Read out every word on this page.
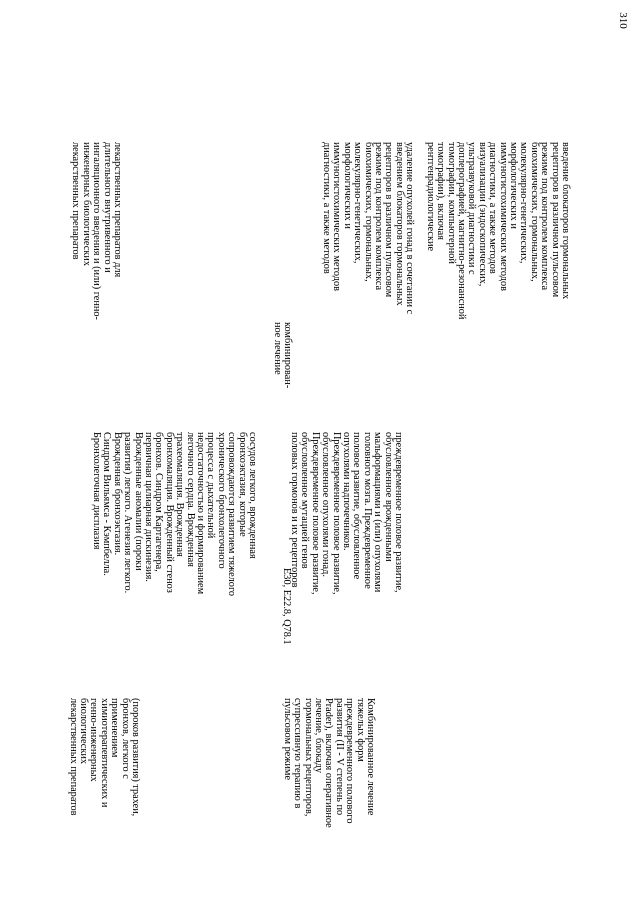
310
(пороков развития) трахеи,
бронхов, легкого с
применением
химиотерапевтических и
генно-инженерных
биологических
лекарственных препаратов
сосудов легкого, врожденная
бронхоэктазия, которые
сопровождаются развитием тяжелого
хронического бронхолегочного
процесса с дыхательной
недостаточностью и формированием
легочного сердца. Врожденная
трахеомаляция. Врожденная
бронхомаляция. Врожденный стеноз
бронхов. Синдром Картагенера,
первичная цилиарная дискинезия.
Врожденные аномалии (пороки
развития) легкого. Агенезия легкого.
Врожденная бронхоэктазия.
Синдром Вильямса - Кэмпбелла.
Бронхолегочная дисплазия
лекарственных препаратов для
длительного внутривенного и
ингаляционного введения и (или) генно-
инженерных биологических
лекарственных препаратов
Комбинированное лечение
тяжелых форм
преждевременного полового
развития (II - V степень по
Prader), включая оперативное
лечение, блокаду
гормональных рецепторов,
супрессивную терапию в
пульсовом режиме
E30, E22.8, Q78.1
преждевременное половое развитие,
обусловленное врожденными
мальформациями и (или) опухолями
головного мозга. Преждевременное
половое развитие, обусловленное
опухолями надпочечников.
Преждевременное половое развитие,
обусловленное опухолями гонад.
Преждевременное половое развитие,
обусловленное мутацией генов
половых гормонов и их рецепторов
комбинирован-
ное лечение
введение блокаторов гормональных
рецепторов в различном пульсовом
режиме под контролем комплекса
биохимических, гормональных,
молекулярно-генетических,
морфологических и
иммуногистохимических методов
диагностики, а также методов
визуализации (эндоскопических,
ультразвуковой диагностики с
доплерографией, магнитно-резонансной
томографии, компьютерной
томографии), включая
рентгенрадиологические
удаление опухолей гонад в сочетании с
введением блокаторов гормональных
рецепторов в различном пульсовом
режиме под контролем комплекса
биохимических, гормональных,
молекулярно-генетических,
морфологических и
иммуногистохимических методов
диагностики, а также методов
